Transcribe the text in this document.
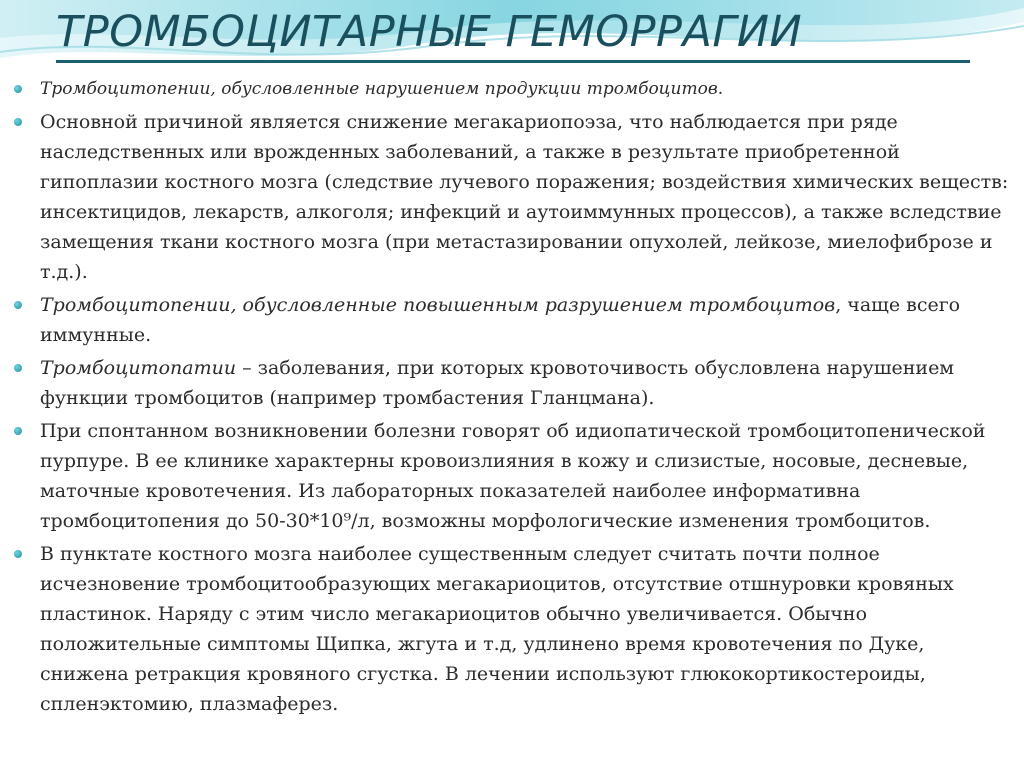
ТРОМБОЦИТАРНЫЕ ГЕМОРРАГИИ
Тромбоцитопении, обусловленные нарушением продукции тромбоцитов.
Основной причиной является снижение мегакариопоэза, что наблюдается при ряде наследственных или врожденных заболеваний, а также в результате приобретенной гипоплазии костного мозга (следствие лучевого поражения; воздействия химических веществ: инсектицидов, лекарств, алкоголя; инфекций и аутоиммунных процессов), а также вследствие замещения ткани костного мозга (при метастазировании опухолей, лейкозе, миелофиброзе и т.д.).
Тромбоцитопении, обусловленные повышенным разрушением тромбоцитов, чаще всего иммунные.
Тромбоцитопатии – заболевания, при которых кровоточивость обусловлена нарушением функции тромбоцитов (например тромбастения Гланцмана).
При спонтанном возникновении болезни говорят об идиопатической тромбоцитопенической пурпуре. В ее клинике характерны кровоизлияния в кожу и слизистые, носовые, десневые, маточные кровотечения. Из лабораторных показателей наиболее информативна тромбоцитопения до 50-30*10⁹/л, возможны морфологические изменения тромбоцитов.
В пунктате костного мозга наиболее существенным следует считать почти полное исчезновение тромбоцитообразующих мегакариоцитов, отсутствие отшнуровки кровяных пластинок. Наряду с этим число мегакариоцитов обычно увеличивается. Обычно положительные симптомы Щипка, жгута и т.д, удлинено время кровотечения по Дуке, снижена ретракция кровяного сгустка. В лечении используют глюкокортикостероиды, спленэктомию, плазмаферез.
